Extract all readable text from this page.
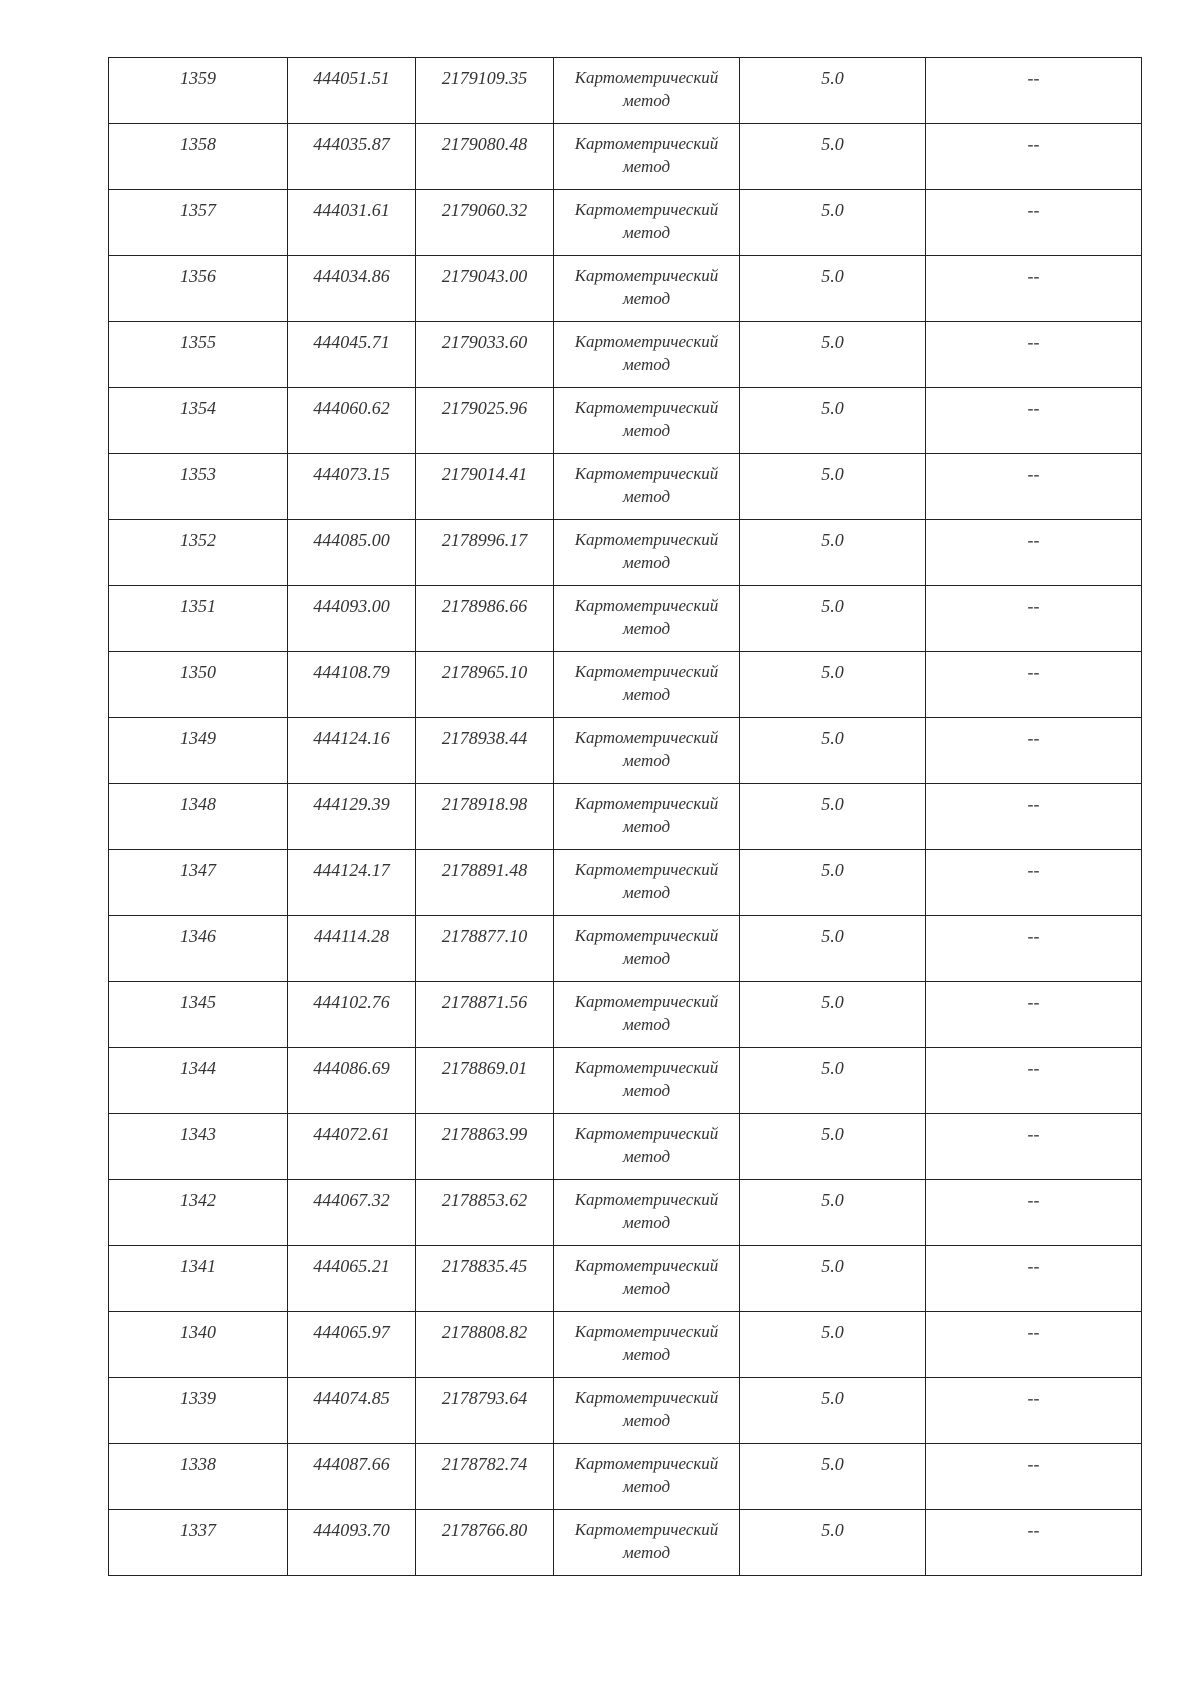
1359	444051.51	2179109.35	Картометрический метод	5.0	--

1358	444035.87	2179080.48	Картометрический метод	5.0	--

1357	444031.61	2179060.32	Картометрический метод	5.0	--

1356	444034.86	2179043.00	Картометрический метод	5.0	--

1355	444045.71	2179033.60	Картометрический метод	5.0	--

1354	444060.62	2179025.96	Картометрический метод	5.0	--

1353	444073.15	2179014.41	Картометрический метод	5.0	--

1352	444085.00	2178996.17	Картометрический метод	5.0	--

1351	444093.00	2178986.66	Картометрический метод	5.0	--

1350	444108.79	2178965.10	Картометрический метод	5.0	--

1349	444124.16	2178938.44	Картометрический метод	5.0	--

1348	444129.39	2178918.98	Картометрический метод	5.0	--

1347	444124.17	2178891.48	Картометрический метод	5.0	--

1346	444114.28	2178877.10	Картометрический метод	5.0	--

1345	444102.76	2178871.56	Картометрический метод	5.0	--

1344	444086.69	2178869.01	Картометрический метод	5.0	--

1343	444072.61	2178863.99	Картометрический метод	5.0	--

1342	444067.32	2178853.62	Картометрический метод	5.0	--

1341	444065.21	2178835.45	Картометрический метод	5.0	--

1340	444065.97	2178808.82	Картометрический метод	5.0	--

1339	444074.85	2178793.64	Картометрический метод	5.0	--

1338	444087.66	2178782.74	Картометрический метод	5.0	--

1337	444093.70	2178766.80	Картометрический метод	5.0	--
